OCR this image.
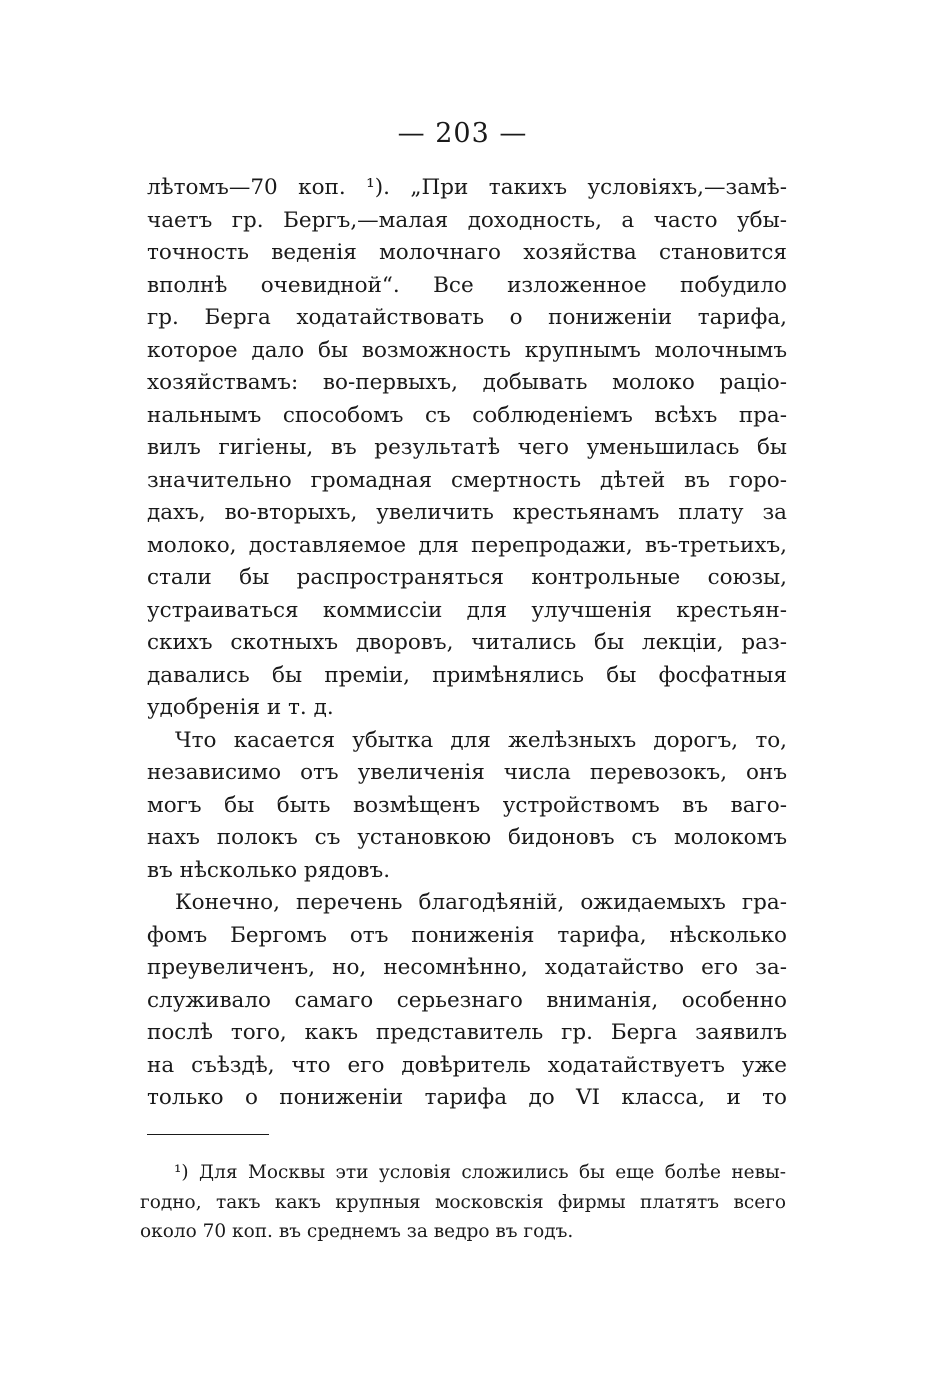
— 203 —
лѣтомъ—70 коп. ¹). „При такихъ условіяхъ,—замѣ-
чаетъ гр. Бергъ,—малая доходность, а часто убы-
точность веденія молочнаго хозяйства становится
вполнѣ очевидной“. Все изложенное побудило
гр. Берга ходатайствовать о пониженіи тарифа,
которое дало бы возможность крупнымъ молочнымъ
хозяйствамъ: во-первыхъ, добывать молоко раціо-
нальнымъ способомъ съ соблюденіемъ всѣхъ пра-
вилъ гигіены, въ результатѣ чего уменьшилась бы
значительно громадная смертность дѣтей въ горо-
дахъ, во-вторыхъ, увеличить крестьянамъ плату за
молоко, доставляемое для перепродажи, въ-третьихъ,
стали бы распространяться контрольные союзы,
устраиваться коммиссіи для улучшенія крестьян-
скихъ скотныхъ дворовъ, читались бы лекціи, раз-
давались бы преміи, примѣнялись бы фосфатныя
удобренія и т. д.
Что касается убытка для желѣзныхъ дорогъ, то,
независимо отъ увеличенія числа перевозокъ, онъ
могъ бы быть возмѣщенъ устройствомъ въ ваго-
нахъ полокъ съ установкою бидоновъ съ молокомъ
въ нѣсколько рядовъ.
Конечно, перечень благодѣяній, ожидаемыхъ гра-
фомъ Бергомъ отъ пониженія тарифа, нѣсколько
преувеличенъ, но, несомнѣнно, ходатайство его за-
служивало самаго серьезнаго вниманія, особенно
послѣ того, какъ представитель гр. Берга заявилъ
на съѣздѣ, что его довѣритель ходатайствуетъ уже
только о пониженіи тарифа до VI класса, и то
¹) Для Москвы эти условія сложились бы еще болѣе невы-
годно, такъ какъ крупныя московскія фирмы платятъ всего
около 70 коп. въ среднемъ за ведро въ годъ.
